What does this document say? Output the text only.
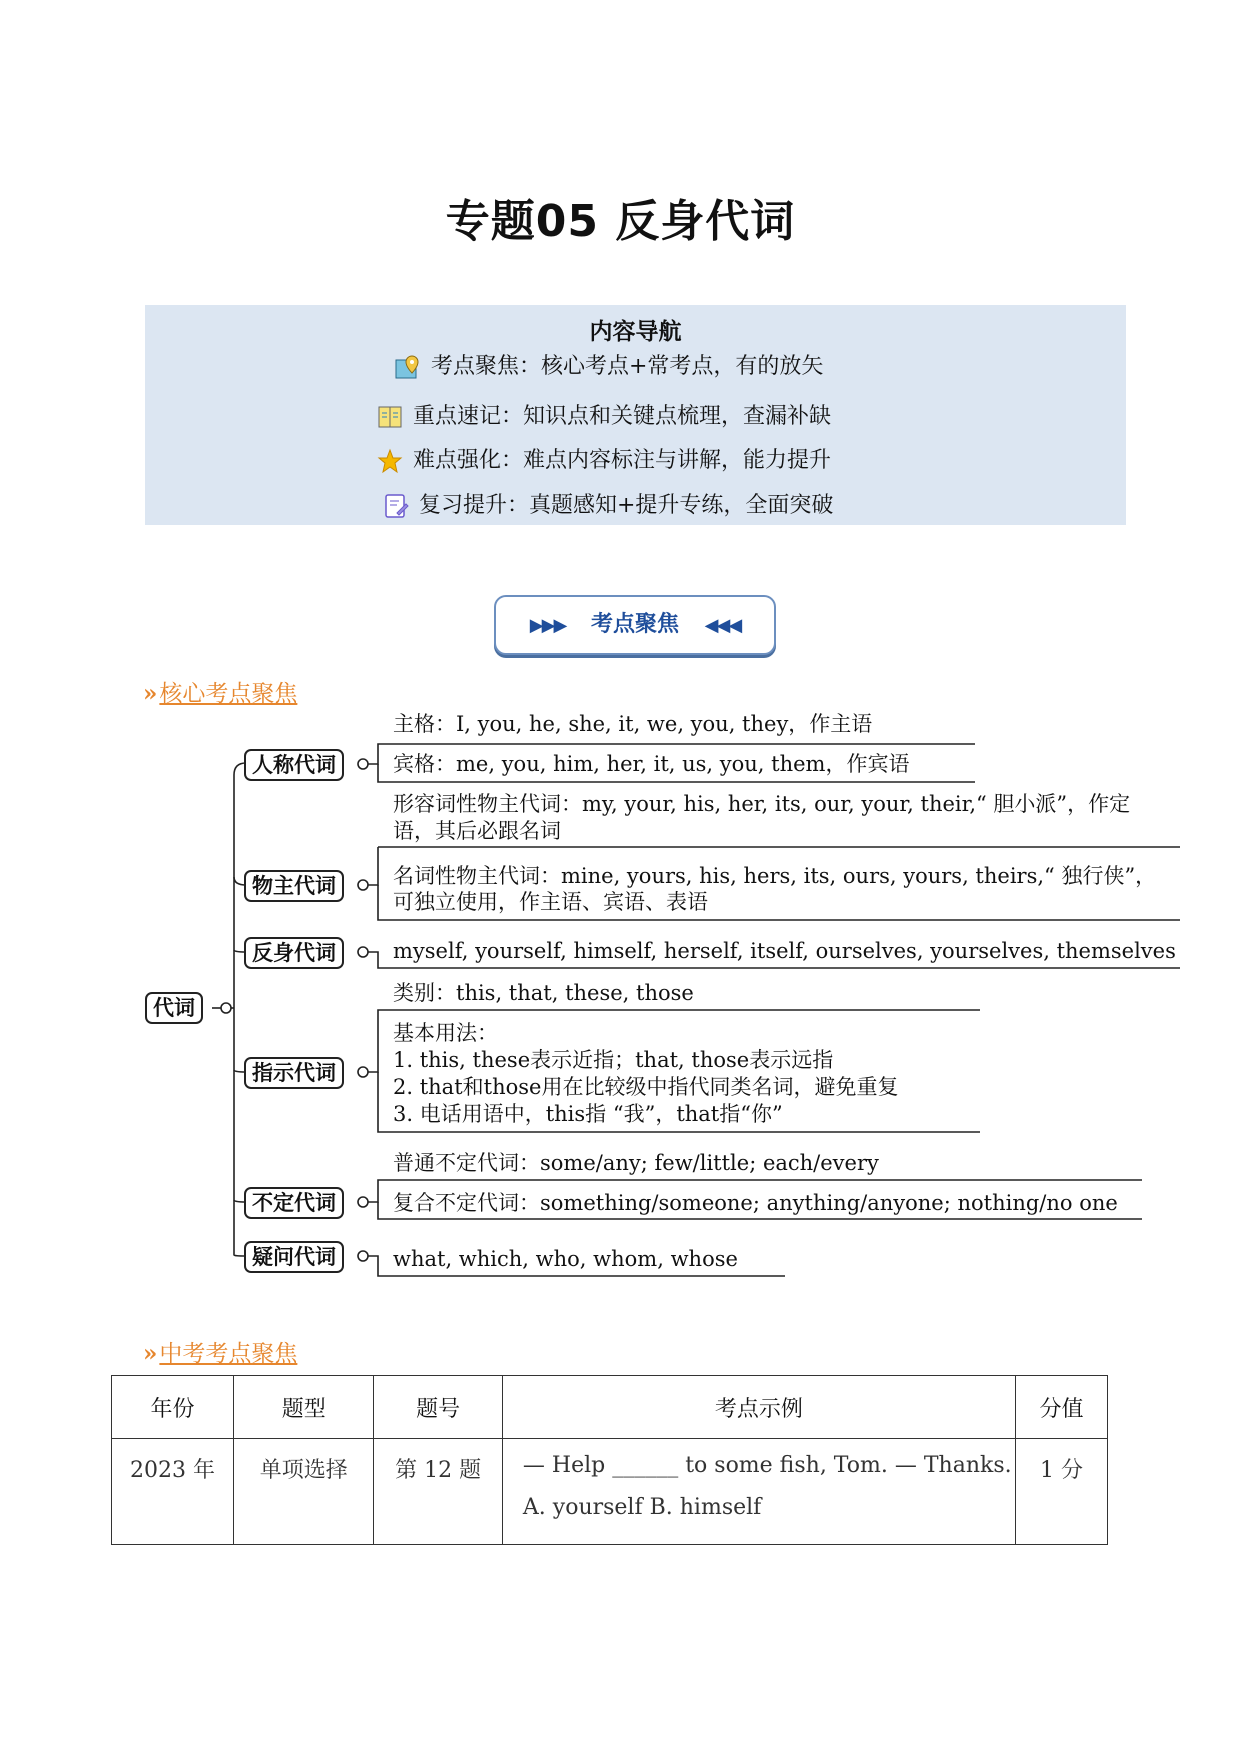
专题05 反身代词
内容导航
考点聚焦：核心考点+常考点，有的放矢
重点速记：知识点和关键点梳理，查漏补缺
难点强化：难点内容标注与讲解，能力提升
复习提升：真题感知+提升专练，全面突破
▶▶▶ 考点聚焦 ◀◀◀
»核心考点聚焦
代词
人称代词
物主代词
反身代词
指示代词
不定代词
疑问代词
主格：I, you, he, she, it, we, you, they，作主语
宾格：me, you, him, her, it, us, you, them，作宾语
形容词性物主代词：my, your, his, her, its, our, your, their,“ 胆小派”，作定
语，其后必跟名词
名词性物主代词：mine, yours, his, hers, its, ours, yours, theirs,“ 独行侠”，
可独立使用，作主语、宾语、表语
myself, yourself, himself, herself, itself, ourselves, yourselves, themselves
类别：this, that, these, those
基本用法：
1. this, these表示近指；that, those表示远指
2. that和those用在比较级中指代同类名词，避免重复
3. 电话用语中，this指 “我”，that指“你”
普通不定代词：some/any; few/little; each/every
复合不定代词：something/someone; anything/anyone; nothing/no one
what, which, who, whom, whose
»中考考点聚焦
年份	题型	题号	考点示例	分值
2023 年	单项选择	第 12 题	— Help ______ to some fish, Tom. — Thanks.
A. yourself B. himself	1 分
